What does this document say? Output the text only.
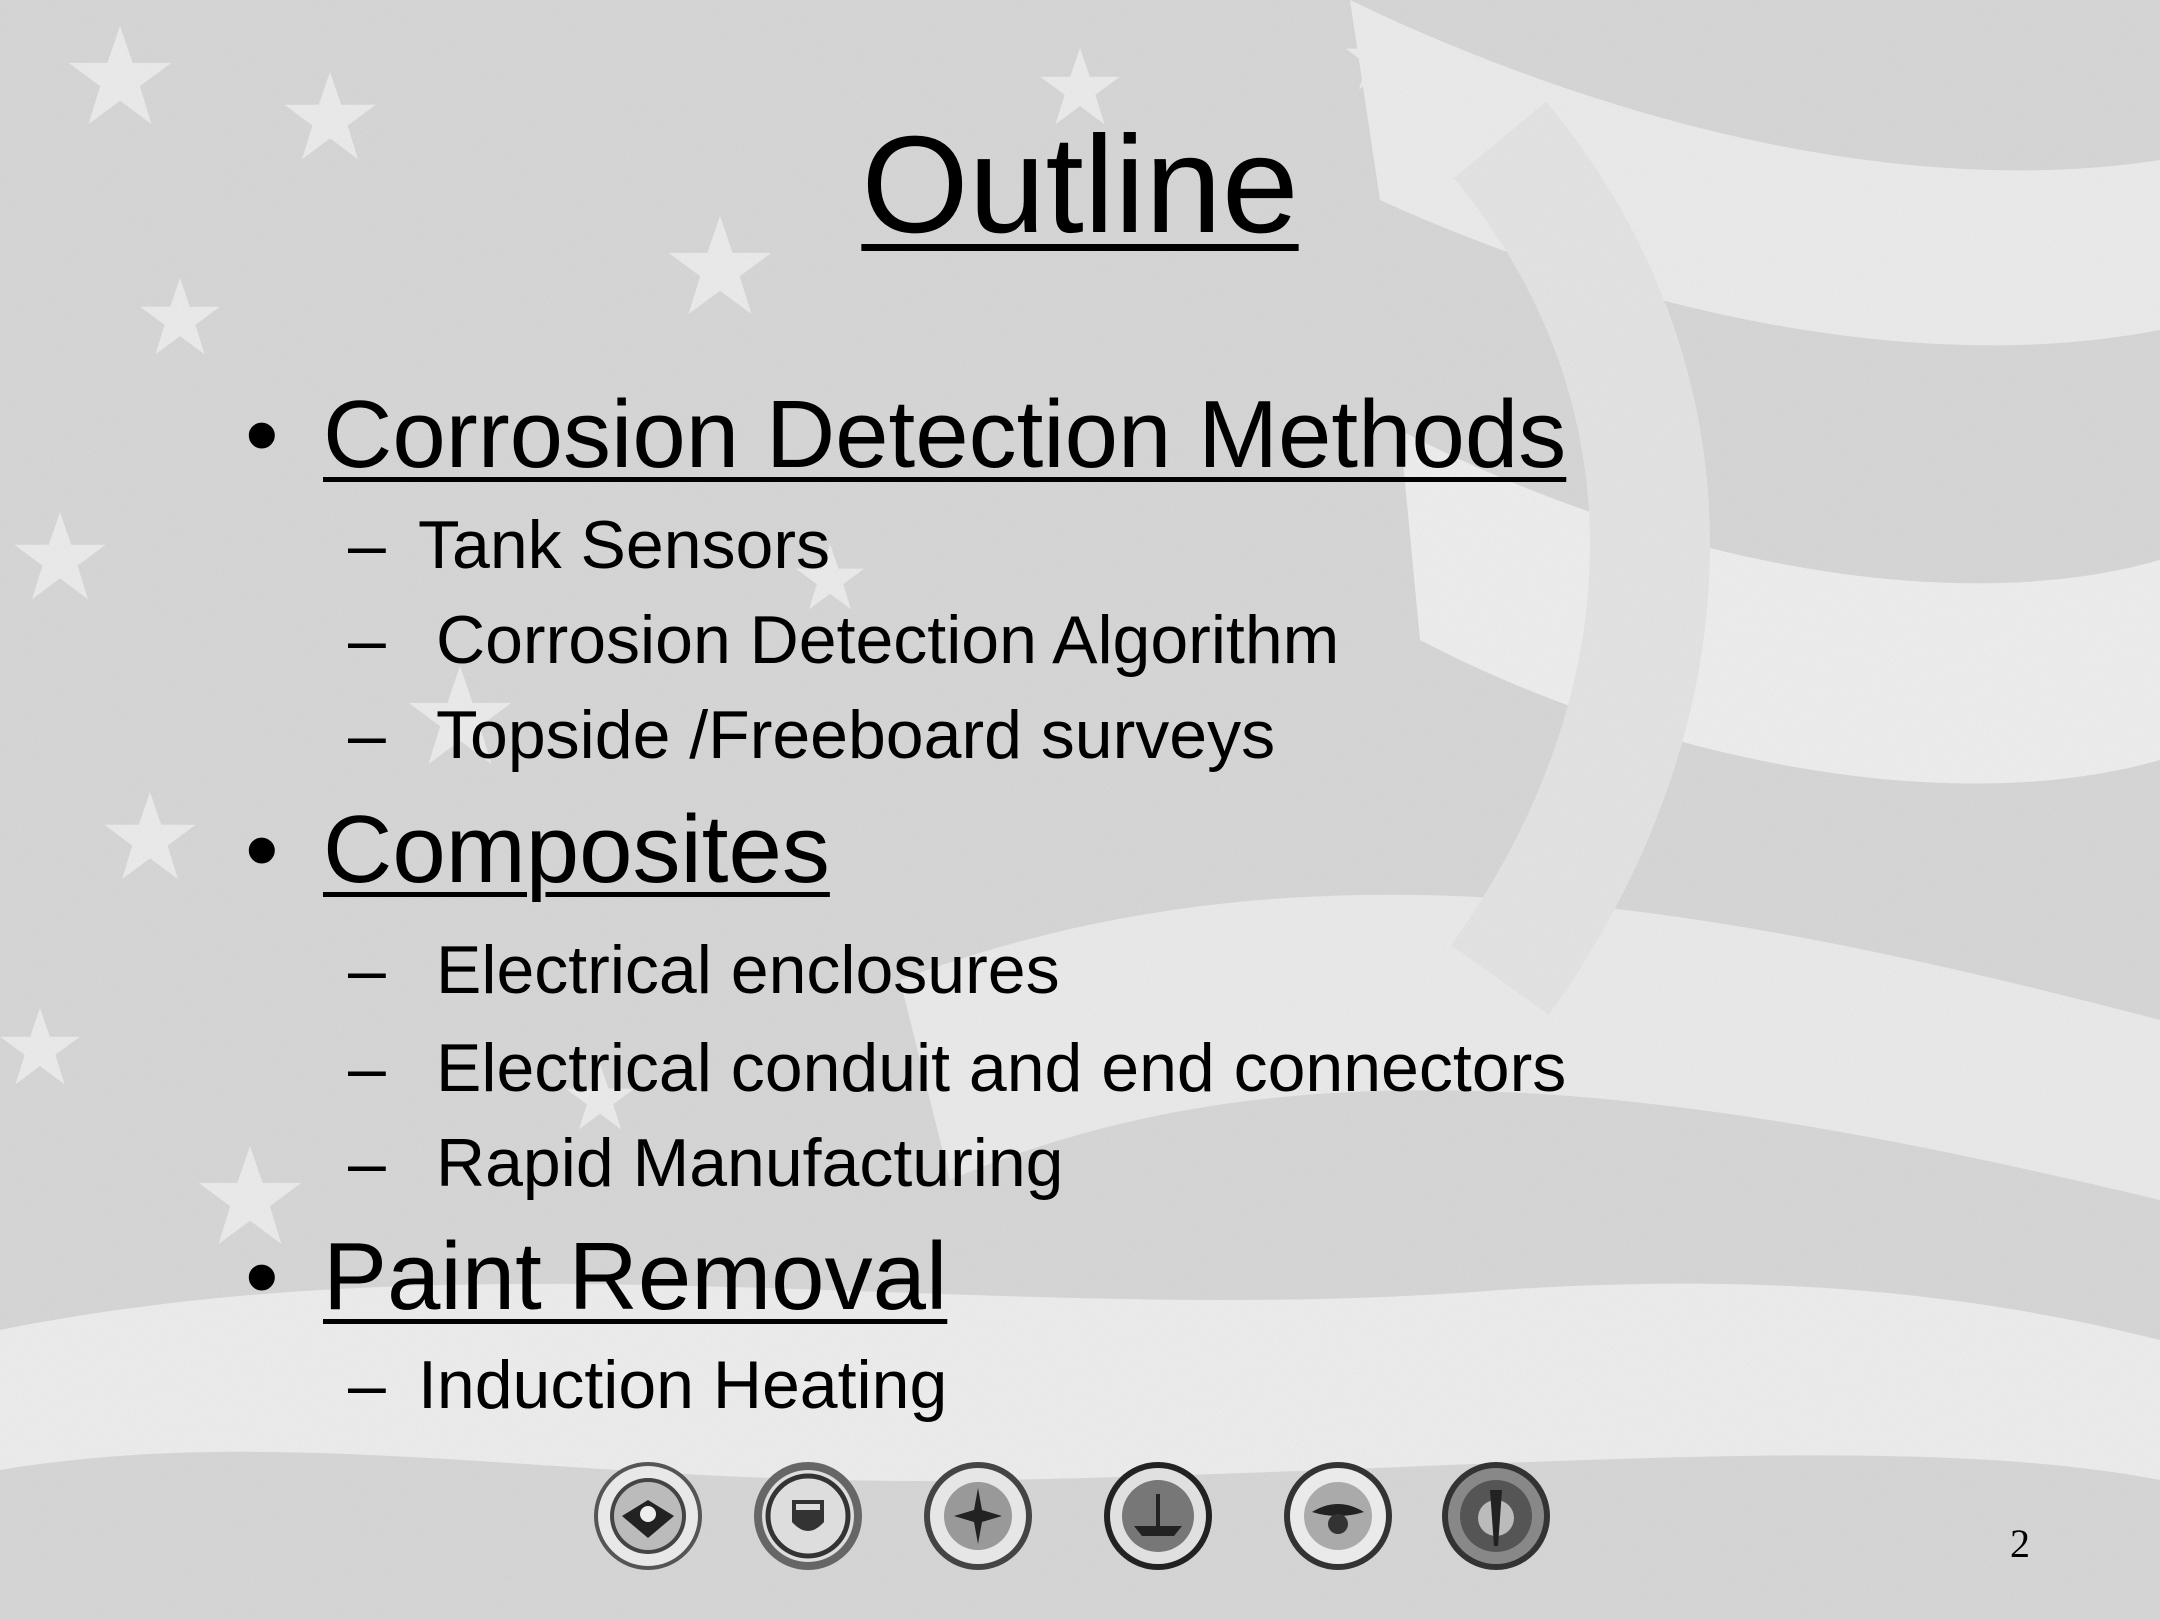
Outline
• Corrosion Detection Methods
– Tank Sensors
– Corrosion Detection Algorithm
– Topside /Freeboard surveys
• Composites
– Electrical enclosures
– Electrical conduit and end connectors
– Rapid Manufacturing
• Paint Removal
– Induction Heating
2
